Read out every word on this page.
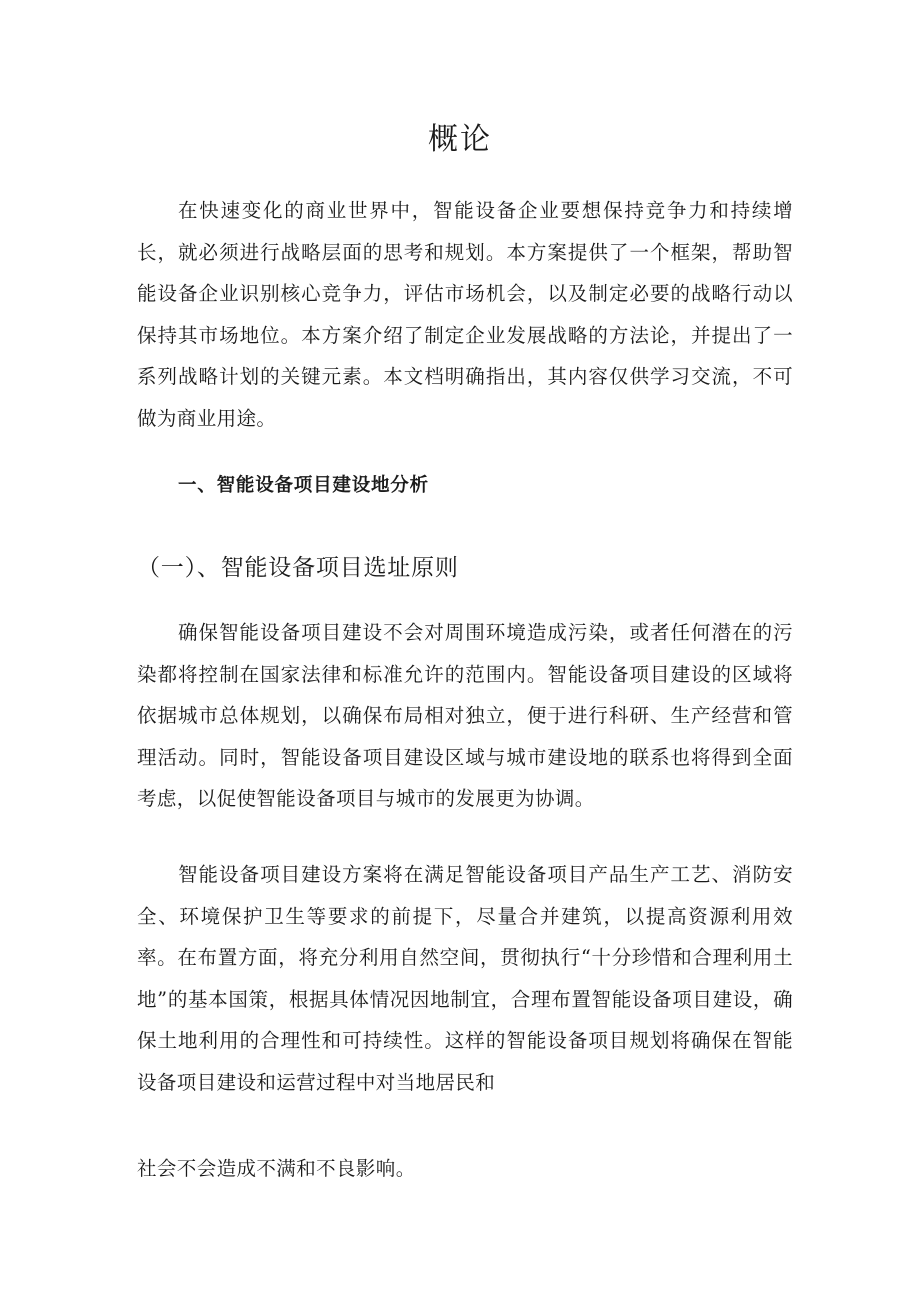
概论

在快速变化的商业世界中，智能设备企业要想保持竞争力和持续增长，就必须进行战略层面的思考和规划。本方案提供了一个框架，帮助智能设备企业识别核心竞争力，评估市场机会，以及制定必要的战略行动以保持其市场地位。本方案介绍了制定企业发展战略的方法论，并提出了一系列战略计划的关键元素。本文档明确指出，其内容仅供学习交流，不可做为商业用途。

一、智能设备项目建设地分析
（一）、智能设备项目选址原则

确保智能设备项目建设不会对周围环境造成污染，或者任何潜在的污染都将控制在国家法律和标准允许的范围内。智能设备项目建设的区域将依据城市总体规划，以确保布局相对独立，便于进行科研、生产经营和管理活动。同时，智能设备项目建设区域与城市建设地的联系也将得到全面考虑，以促使智能设备项目与城市的发展更为协调。

智能设备项目建设方案将在满足智能设备项目产品生产工艺、消防安全、环境保护卫生等要求的前提下，尽量合并建筑，以提高资源利用效率。在布置方面，将充分利用自然空间，贯彻执行“十分珍惜和合理利用土地”的基本国策，根据具体情况因地制宜，合理布置智能设备项目建设，确保土地利用的合理性和可持续性。这样的智能设备项目规划将确保在智能设备项目建设和运营过程中对当地居民和

社会不会造成不满和不良影响。
